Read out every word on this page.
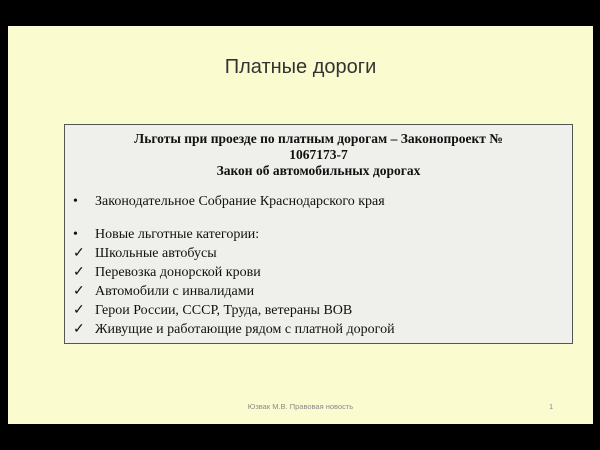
Платные дороги
Льготы при проезде по платным дорогам – Законопроект №
1067173-7
Закон об автомобильных дорогах
•	Законодательное Собрание Краснодарского края
•	Новые льготные категории:
✓ Школьные автобусы
✓ Перевозка донорской крови
✓ Автомобили с инвалидами
✓ Герои России, СССР, Труда, ветераны ВОВ
✓ Живущие и работающие рядом с платной дорогой
Юзвак М.В. Правовая новость	1
